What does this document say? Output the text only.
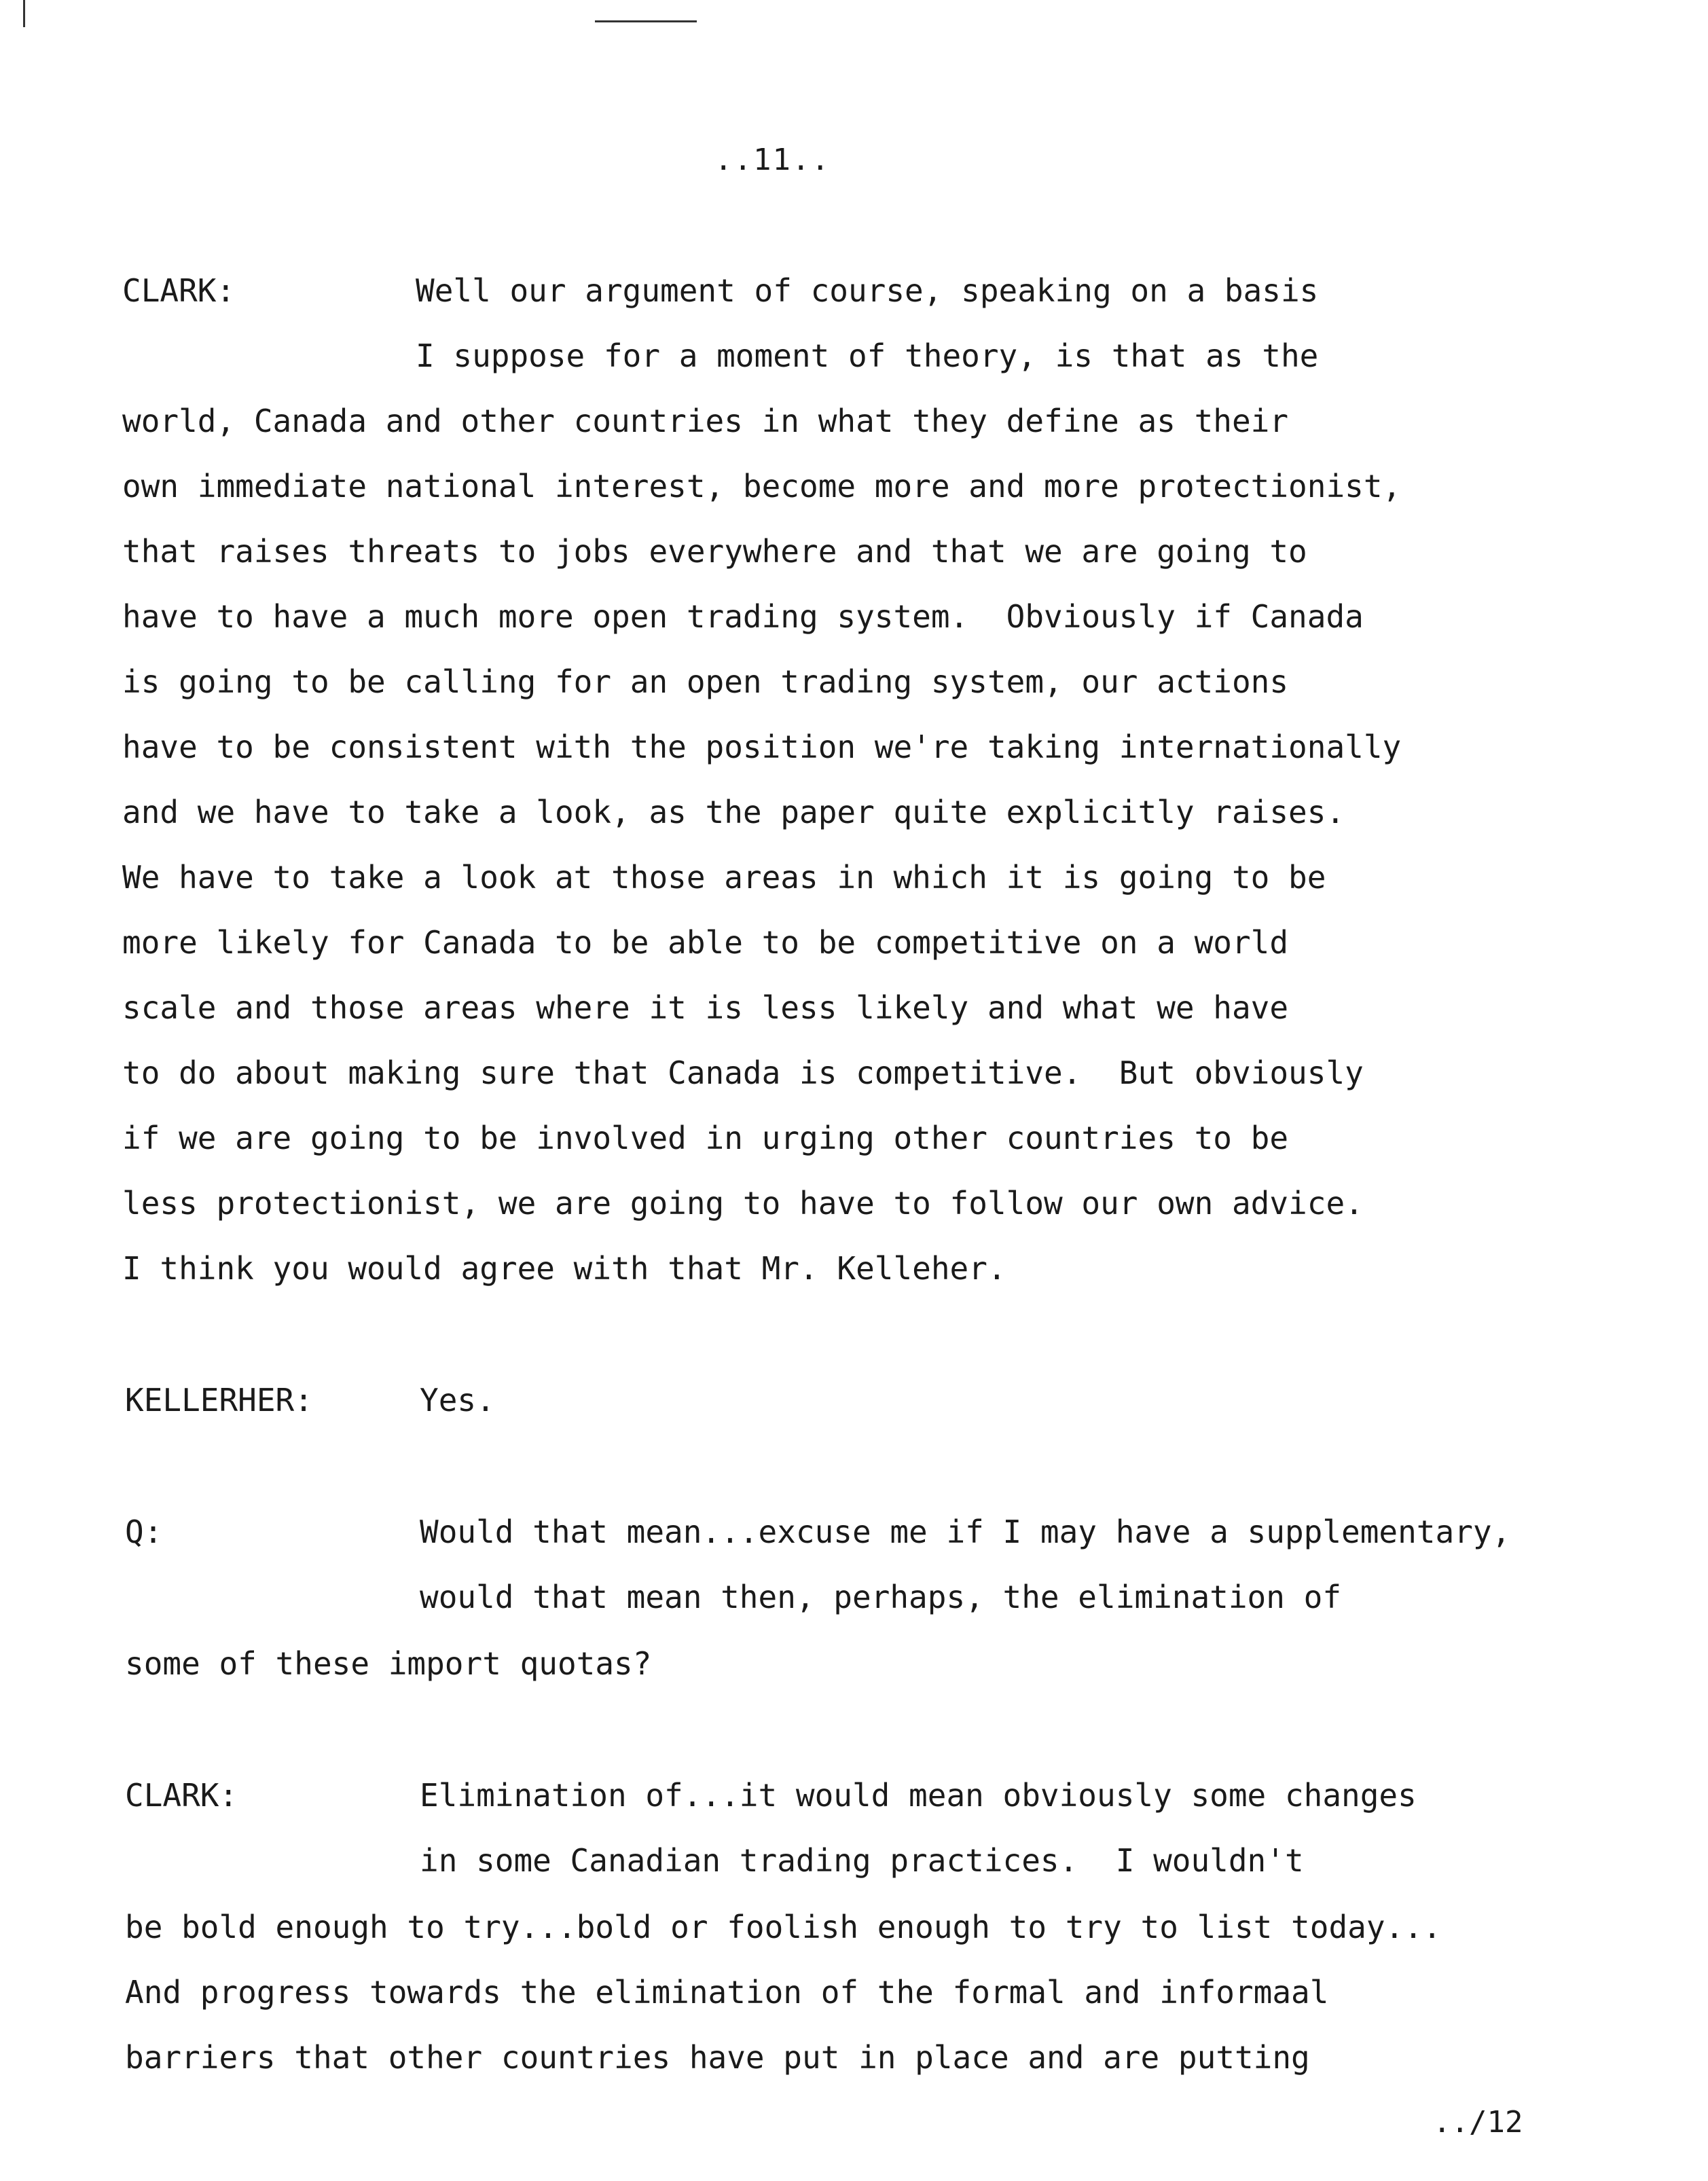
..11..
CLARK:	Well our argument of course, speaking on a basis
I suppose for a moment of theory, is that as the
world, Canada and other countries in what they define as their
own immediate national interest, become more and more protectionist,
that raises threats to jobs everywhere and that we are going to
have to have a much more open trading system.  Obviously if Canada
is going to be calling for an open trading system, our actions
have to be consistent with the position we're taking internationally
and we have to take a look, as the paper quite explicitly raises.
We have to take a look at those areas in which it is going to be
more likely for Canada to be able to be competitive on a world
scale and those areas where it is less likely and what we have
to do about making sure that Canada is competitive.  But obviously
if we are going to be involved in urging other countries to be
less protectionist, we are going to have to follow our own advice.
I think you would agree with that Mr. Kelleher.
KELLERHER:	Yes.
Q:	Would that mean...excuse me if I may have a supplementary,
would that mean then, perhaps, the elimination of
some of these import quotas?
CLARK:	Elimination of...it would mean obviously some changes
in some Canadian trading practices.  I wouldn't
be bold enough to try...bold or foolish enough to try to list today...
And progress towards the elimination of the formal and informaal
barriers that other countries have put in place and are putting
../12
